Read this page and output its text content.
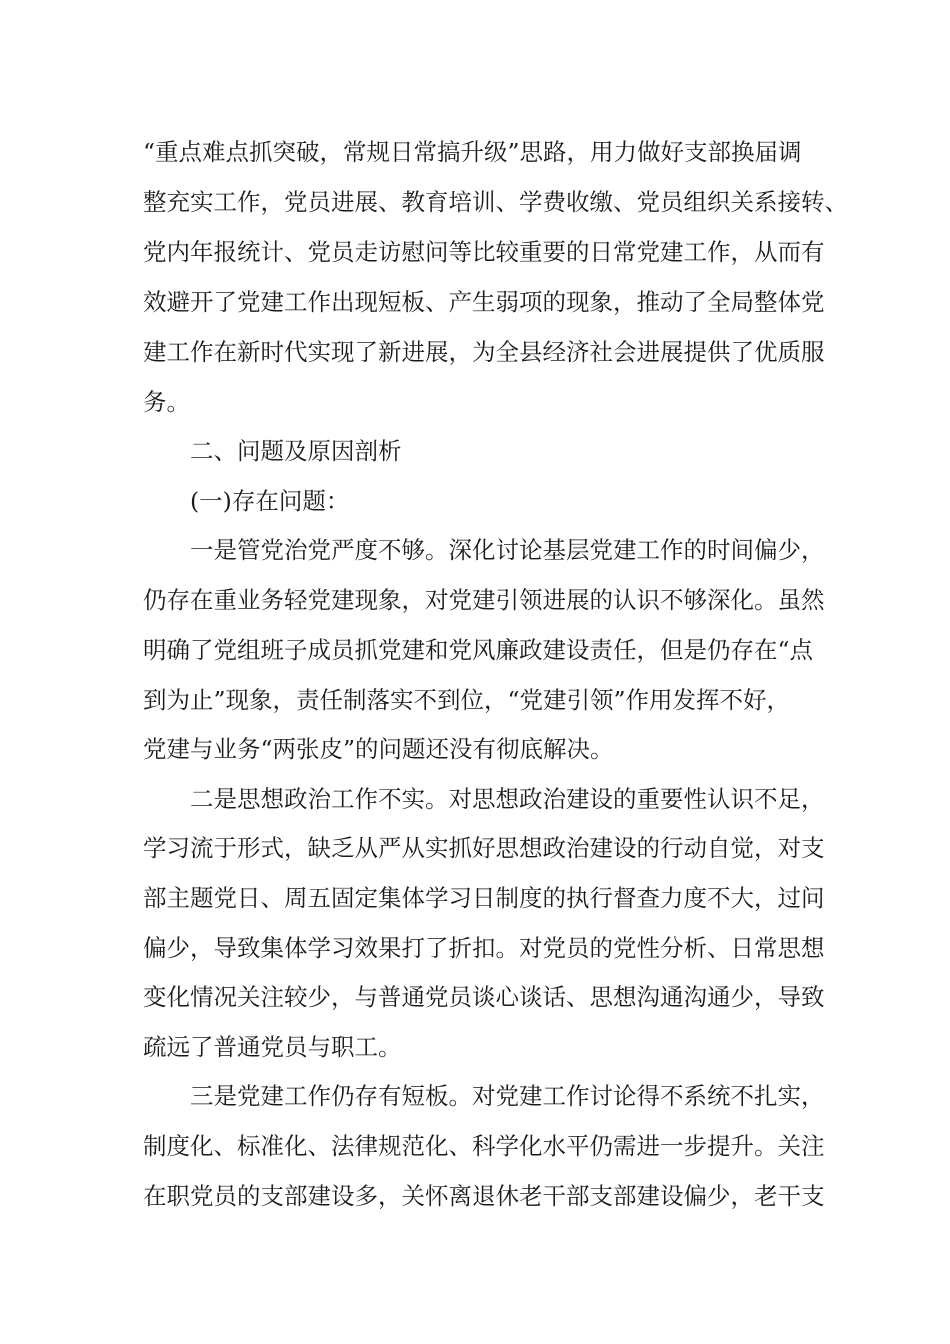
“重点难点抓突破，常规日常搞升级”思路，用力做好支部换届调
整充实工作，党员进展、教育培训、学费收缴、党员组织关系接转、
党内年报统计、党员走访慰问等比较重要的日常党建工作，从而有
效避开了党建工作出现短板、产生弱项的现象，推动了全局整体党
建工作在新时代实现了新进展，为全县经济社会进展提供了优质服
务。
二、问题及原因剖析
(一)存在问题：
一是管党治党严度不够。深化讨论基层党建工作的时间偏少，
仍存在重业务轻党建现象，对党建引领进展的认识不够深化。虽然
明确了党组班子成员抓党建和党风廉政建设责任，但是仍存在“点
到为止”现象，责任制落实不到位，“党建引领”作用发挥不好，
党建与业务“两张皮”的问题还没有彻底解决。
二是思想政治工作不实。对思想政治建设的重要性认识不足，
学习流于形式，缺乏从严从实抓好思想政治建设的行动自觉，对支
部主题党日、周五固定集体学习日制度的执行督查力度不大，过问
偏少，导致集体学习效果打了折扣。对党员的党性分析、日常思想
变化情况关注较少，与普通党员谈心谈话、思想沟通沟通少，导致
疏远了普通党员与职工。
三是党建工作仍存有短板。对党建工作讨论得不系统不扎实，
制度化、标准化、法律规范化、科学化水平仍需进一步提升。关注
在职党员的支部建设多，关怀离退休老干部支部建设偏少，老干支
